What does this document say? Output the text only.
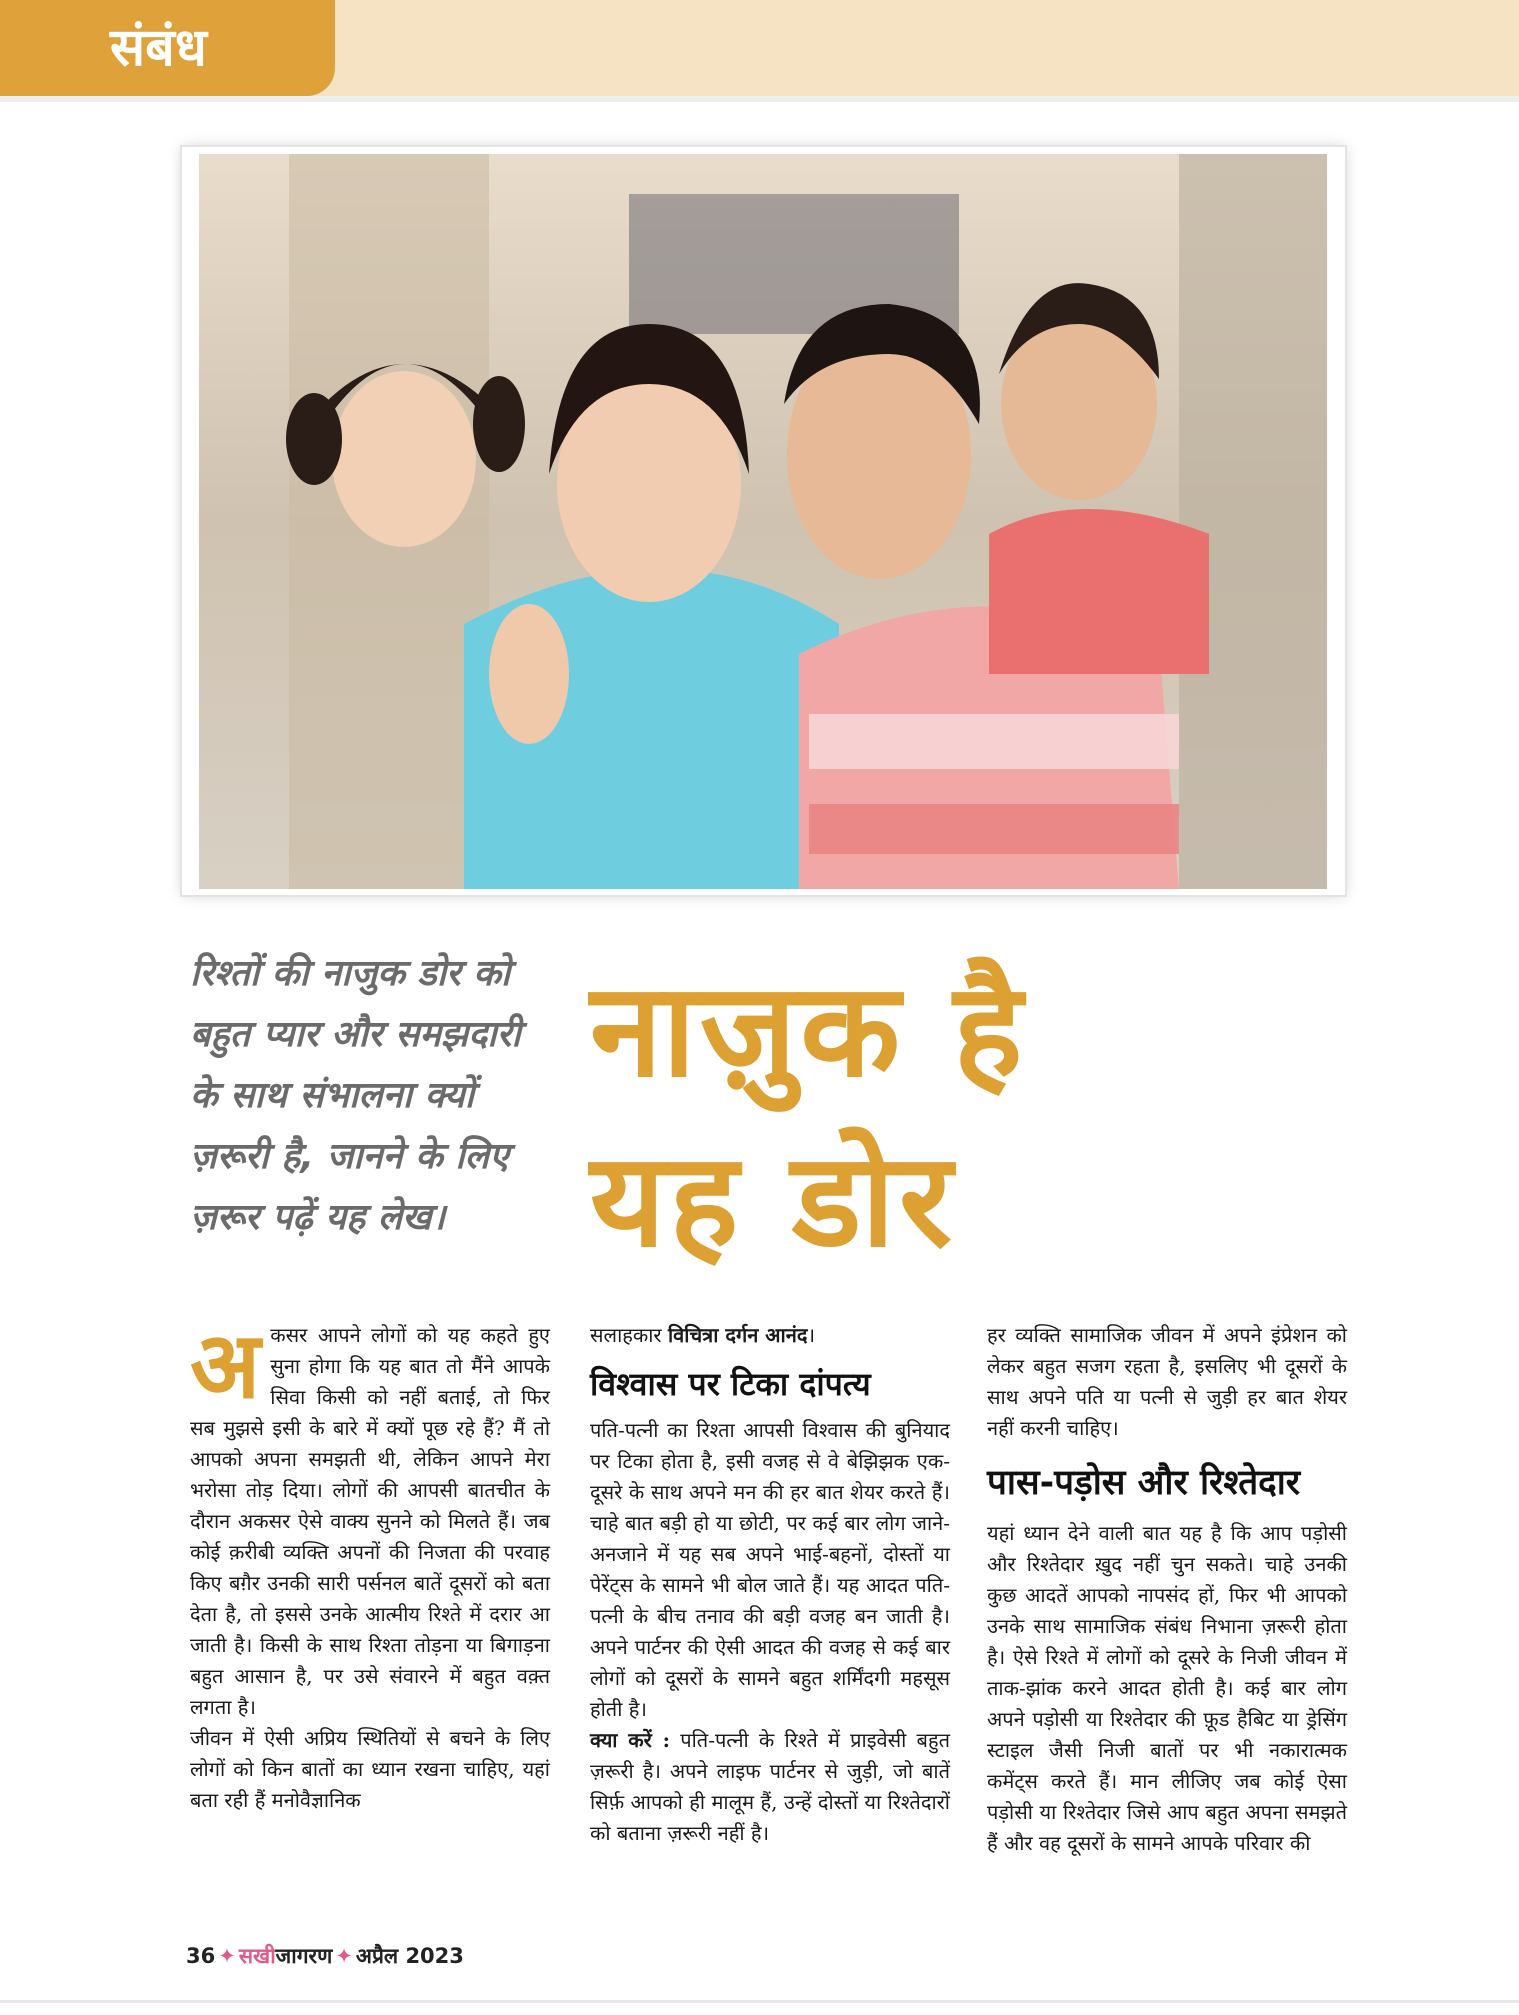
संबंध

रिश्तों की नाजुक डोर को बहुत प्यार और समझदारी के साथ संभालना क्यों ज़रूरी है, जानने के लिए ज़रूर पढ़ें यह लेख।

नाज़ुक है
यह डोर
अ कसर आपने लोगों को यह कहते हुए सुना होगा कि यह बात तो मैंने आपके सिवा किसी को नहीं बताई, तो फिर सब मुझसे इसी के बारे में क्यों पूछ रहे हैं? मैं तो आपको अपना समझती थी, लेकिन आपने मेरा भरोसा तोड़ दिया। लोगों की आपसी बातचीत के दौरान अकसर ऐसे वाक्य सुनने को मिलते हैं। जब कोई क़रीबी व्यक्ति अपनों की निजता की परवाह किए बग़ैर उनकी सारी पर्सनल बातें दूसरों को बता देता है, तो इससे उनके आत्मीय रिश्ते में दरार आ जाती है। किसी के साथ रिश्ता तोड़ना या बिगाड़ना बहुत आसान है, पर उसे संवारने में बहुत वक़्त लगता है।

जीवन में ऐसी अप्रिय स्थितियों से बचने के लिए लोगों को किन बातों का ध्यान रखना चाहिए, यहां बता रही हैं मनोवैज्ञानिक

सलाहकार विचित्रा दर्गन आनंद।

विश्वास पर टिका दांपत्य

पति-पत्नी का रिश्ता आपसी विश्वास की बुनियाद पर टिका होता है, इसी वजह से वे बेझिझक एक-दूसरे के साथ अपने मन की हर बात शेयर करते हैं। चाहे बात बड़ी हो या छोटी, पर कई बार लोग जाने-अनजाने में यह सब अपने भाई-बहनों, दोस्तों या पेरेंट्स के सामने भी बोल जाते हैं। यह आदत पति-पत्नी के बीच तनाव की बड़ी वजह बन जाती है। अपने पार्टनर की ऐसी आदत की वजह से कई बार लोगों को दूसरों के सामने बहुत शर्मिंदगी महसूस होती है।

क्या करें : पति-पत्नी के रिश्ते में प्राइवेसी बहुत ज़रूरी है। अपने लाइफ पार्टनर से जुड़ी, जो बातें सिर्फ़ आपको ही मालूम हैं, उन्हें दोस्तों या रिश्तेदारों को बताना ज़रूरी नहीं है।

हर व्यक्ति सामाजिक जीवन में अपने इंप्रेशन को लेकर बहुत सजग रहता है, इसलिए भी दूसरों के साथ अपने पति या पत्नी से जुड़ी हर बात शेयर नहीं करनी चाहिए।

पास-पड़ोस और रिश्तेदार

यहां ध्यान देने वाली बात यह है कि आप पड़ोसी और रिश्तेदार ख़ुद नहीं चुन सकते। चाहे उनकी कुछ आदतें आपको नापसंद हों, फिर भी आपको उनके साथ सामाजिक संबंध निभाना ज़रूरी होता है। ऐसे रिश्ते में लोगों को दूसरे के निजी जीवन में ताक-झांक करने आदत होती है। कई बार लोग अपने पड़ोसी या रिश्तेदार की फ़ूड हैबिट या ड्रेसिंग स्टाइल जैसी निजी बातों पर भी नकारात्मक कमेंट्स करते हैं। मान लीजिए जब कोई ऐसा पड़ोसी या रिश्तेदार जिसे आप बहुत अपना समझते हैं और वह दूसरों के सामने आपके परिवार की

36 ✦ सखीजागरण ✦ अप्रैल 2023
